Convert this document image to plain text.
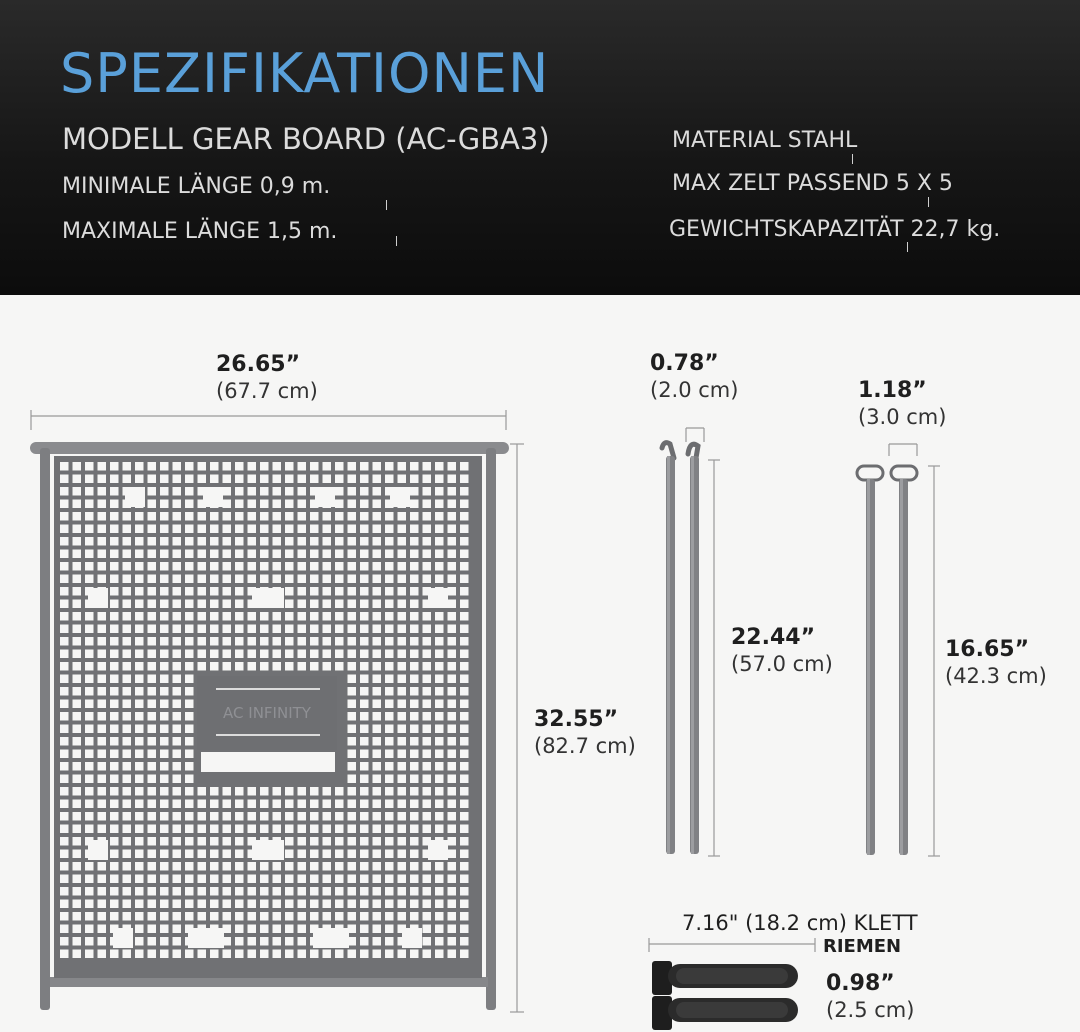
SPEZIFIKATIONEN
MODELL GEAR BOARD (AC-GBA3)
MINIMALE LÄNGE 0,9 m.
MAXIMALE LÄNGE 1,5 m.
MATERIAL STAHL
MAX ZELT PASSEND 5 X 5
GEWICHTSKAPAZITÄT 22,7 kg.
AC INFINITY
26.65”
(67.7 cm)
32.55”
(82.7 cm)
0.78”
(2.0 cm)
22.44”
(57.0 cm)
1.18”
(3.0 cm)
16.65”
(42.3 cm)
7.16" (18.2 cm) KLETT
RIEMEN
0.98”
(2.5 cm)
